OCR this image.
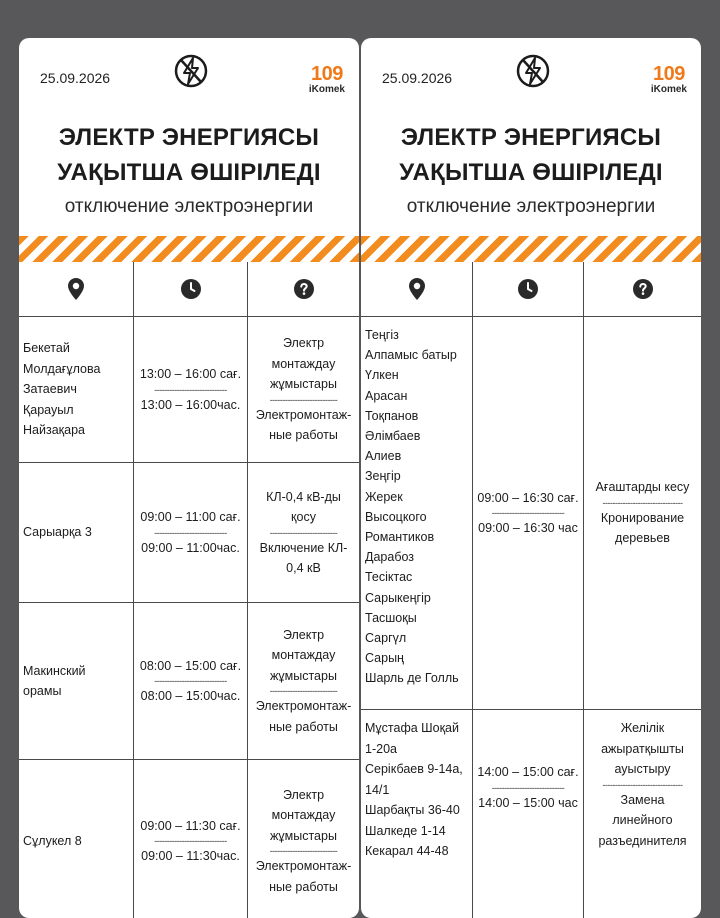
25.09.2026	109
iKomek
ЭЛЕКТР ЭНЕРГИЯСЫ
УАҚЫТША ӨШІРІЛЕДІ
отключение электроэнергии
Бекетай
Молдағұлова
Затаевич
Қарауыл
Найзақара
13:00 – 16:00 сағ.
-----------------------------
13:00 – 16:00час.
Электр
монтаждау
жұмыстары
---------------------------
Электромонтаж-
ные работы
Сарыарқа 3
09:00 – 11:00 сағ.
-----------------------------
09:00 – 11:00час.
КЛ-0,4 кВ-ды
қосу
---------------------------
Включение КЛ-
0,4 кВ
Макинский
орамы
08:00 – 15:00 сағ.
-----------------------------
08:00 – 15:00час.
Электр
монтаждау
жұмыстары
---------------------------
Электромонтаж-
ные работы
Сұлукел 8
09:00 – 11:30 сағ.
-----------------------------
09:00 – 11:30час.
Электр
монтаждау
жұмыстары
---------------------------
Электромонтаж-
ные работы
25.09.2026	109
iKomek
ЭЛЕКТР ЭНЕРГИЯСЫ
УАҚЫТША ӨШІРІЛЕДІ
отключение электроэнергии
Теңгіз
Алпамыс батыр
Үлкен
Арасан
Тоқпанов
Әлімбаев
Алиев
Зеңгір
Жерек
Высоцкого
Романтиков
Дарабоз
Тесіктас
Сарыкеңгір
Тасшоқы
Саргүл
Сарың
Шарль де Голль
09:00 – 16:30 сағ.
-----------------------------
09:00 – 16:30 час
Ағаштарды кесу
--------------------------------
Кронирование
деревьев
Мұстафа Шоқай
1-20а
Серікбаев 9-14а,
14/1
Шарбақты 36-40
Шалкеде 1-14
Кекарал 44-48
14:00 – 15:00 сағ.
-----------------------------
14:00 – 15:00 час
Желілік
ажыратқышты
ауыстыру
--------------------------------
Замена
линейного
разъединителя
